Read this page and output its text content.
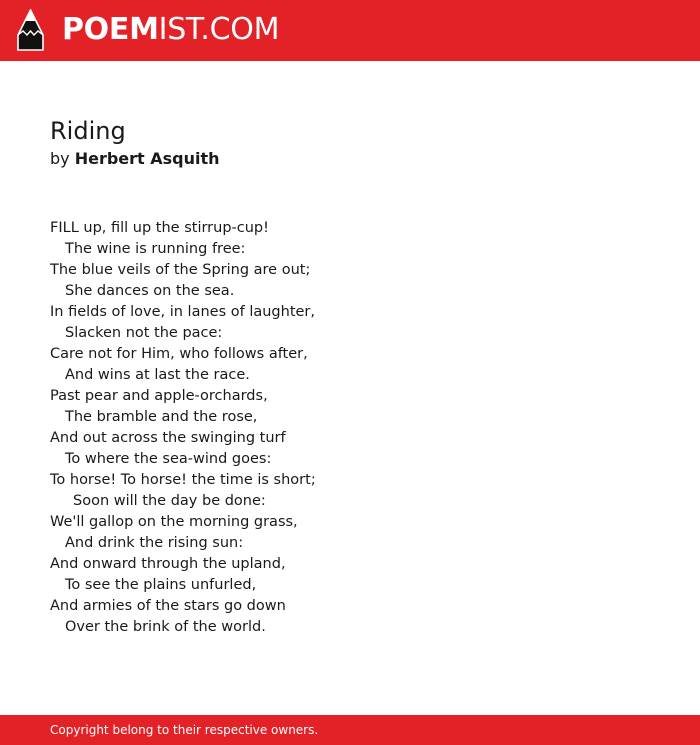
POEMIST.COM
Riding
by Herbert Asquith
FILL up, fill up the stirrup-cup!
The wine is running free:
The blue veils of the Spring are out;
She dances on the sea.
In fields of love, in lanes of laughter,
Slacken not the pace:
Care not for Him, who follows after,
And wins at last the race.
Past pear and apple-orchards,
The bramble and the rose,
And out across the swinging turf
To where the sea-wind goes:
To horse! To horse! the time is short;
Soon will the day be done:
We'll gallop on the morning grass,
And drink the rising sun:
And onward through the upland,
To see the plains unfurled,
And armies of the stars go down
Over the brink of the world.
Copyright belong to their respective owners.
